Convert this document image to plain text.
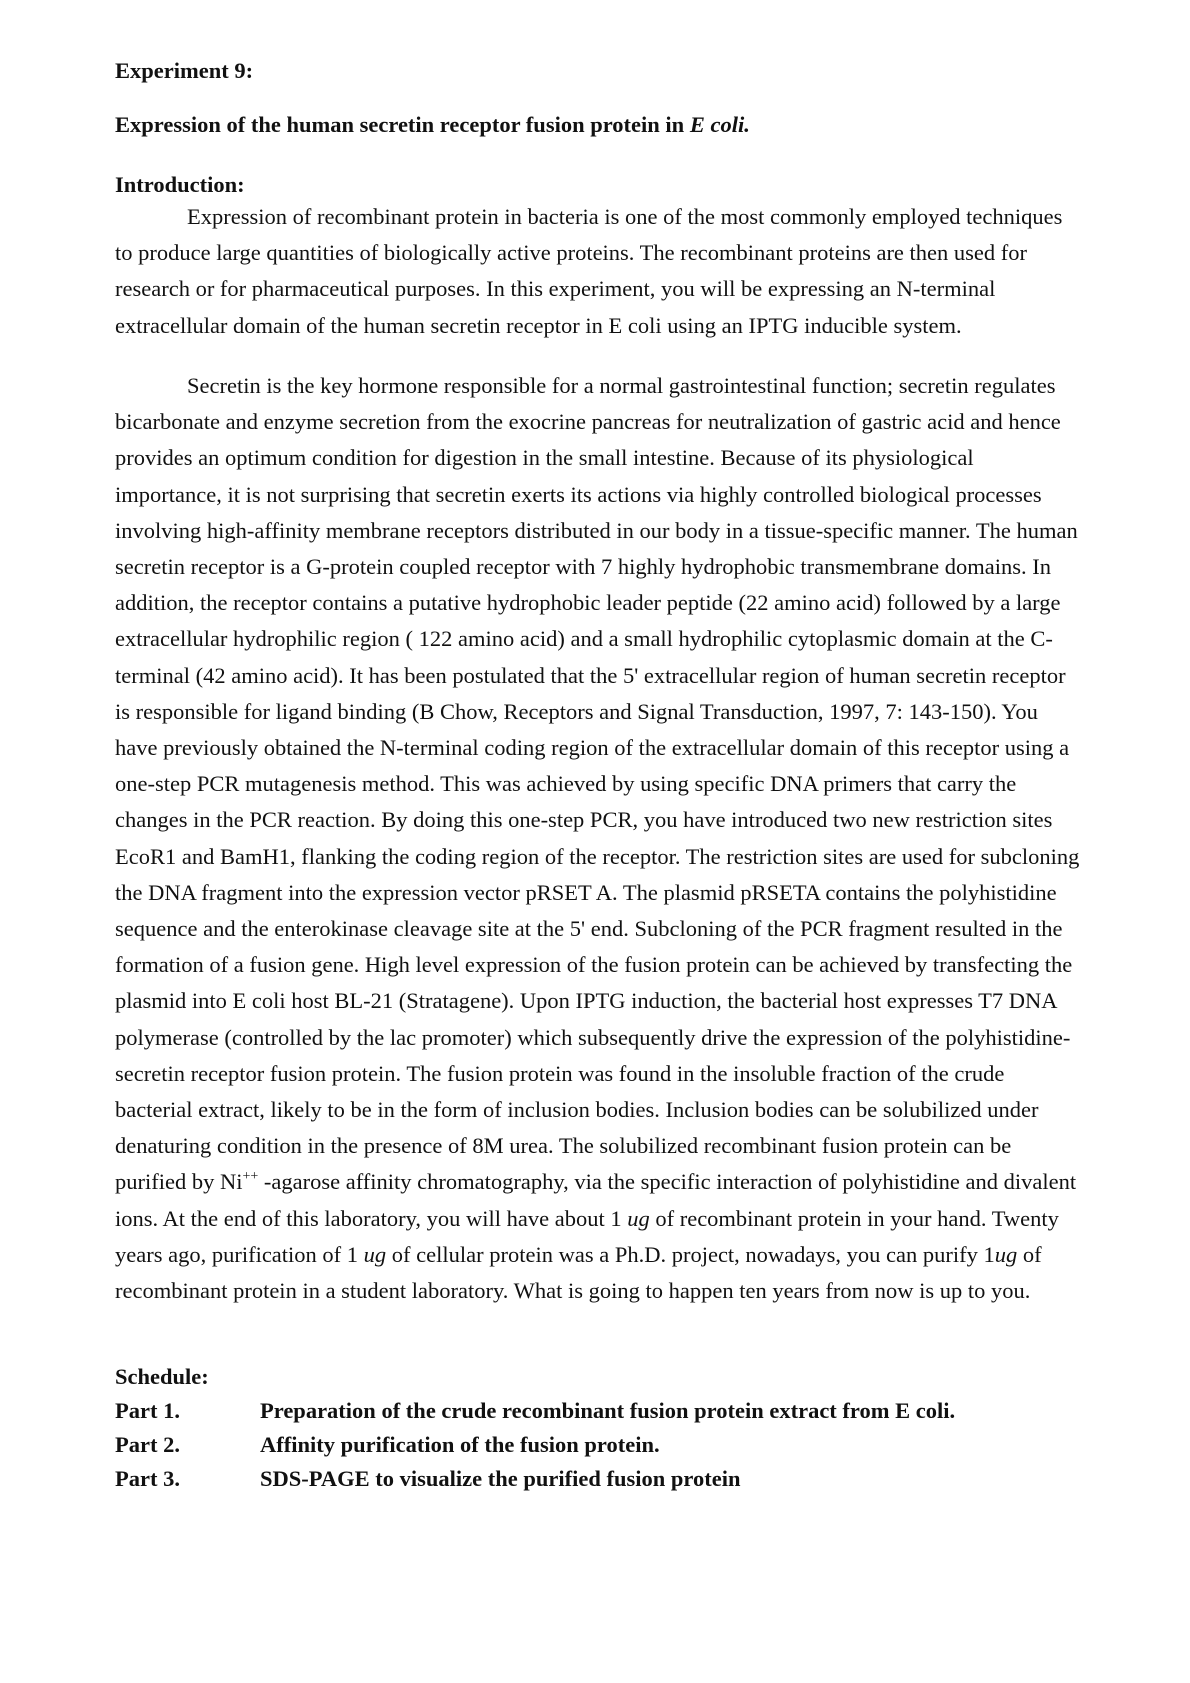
Experiment 9:
Expression of the human secretin receptor fusion protein in E coli.
Introduction:

Expression of recombinant protein in bacteria is one of the most commonly employed techniques to produce large quantities of biologically active proteins. The recombinant proteins are then used for research or for pharmaceutical purposes. In this experiment, you will be expressing an N-terminal extracellular domain of the human secretin receptor in E coli using an IPTG inducible system.

Secretin is the key hormone responsible for a normal gastrointestinal function; secretin regulates bicarbonate and enzyme secretion from the exocrine pancreas for neutralization of gastric acid and hence provides an optimum condition for digestion in the small intestine. Because of its physiological importance, it is not surprising that secretin exerts its actions via highly controlled biological processes involving high-affinity membrane receptors distributed in our body in a tissue-specific manner. The human secretin receptor is a G-protein coupled receptor with 7 highly hydrophobic transmembrane domains. In addition, the receptor contains a putative hydrophobic leader peptide (22 amino acid) followed by a large extracellular hydrophilic region ( 122 amino acid) and a small hydrophilic cytoplasmic domain at the C- terminal (42 amino acid). It has been postulated that the 5' extracellular region of human secretin receptor is responsible for ligand binding (B Chow, Receptors and Signal Transduction, 1997, 7: 143-150). You have previously obtained the N-terminal coding region of the extracellular domain of this receptor using a one-step PCR mutagenesis method. This was achieved by using specific DNA primers that carry the changes in the PCR reaction. By doing this one-step PCR, you have introduced two new restriction sites EcoR1 and BamH1, flanking the coding region of the receptor. The restriction sites are used for subcloning the DNA fragment into the expression vector pRSET A. The plasmid pRSETA contains the polyhistidine sequence and the enterokinase cleavage site at the 5' end. Subcloning of the PCR fragment resulted in the formation of a fusion gene. High level expression of the fusion protein can be achieved by transfecting the plasmid into E coli host BL-21 (Stratagene). Upon IPTG induction, the bacterial host expresses T7 DNA polymerase (controlled by the lac promoter) which subsequently drive the expression of the polyhistidine-secretin receptor fusion protein. The fusion protein was found in the insoluble fraction of the crude bacterial extract, likely to be in the form of inclusion bodies. Inclusion bodies can be solubilized under denaturing condition in the presence of 8M urea. The solubilized recombinant fusion protein can be purified by Ni++ -agarose affinity chromatography, via the specific interaction of polyhistidine and divalent ions. At the end of this laboratory, you will have about 1 ug of recombinant protein in your hand. Twenty years ago, purification of 1 ug of cellular protein was a Ph.D. project, nowadays, you can purify 1ug of recombinant protein in a student laboratory. What is going to happen ten years from now is up to you.

Schedule:
Part 1.	Preparation of the crude recombinant fusion protein extract from E coli.
Part 2.	Affinity purification of the fusion protein.
Part 3.	SDS-PAGE to visualize the purified fusion protein
